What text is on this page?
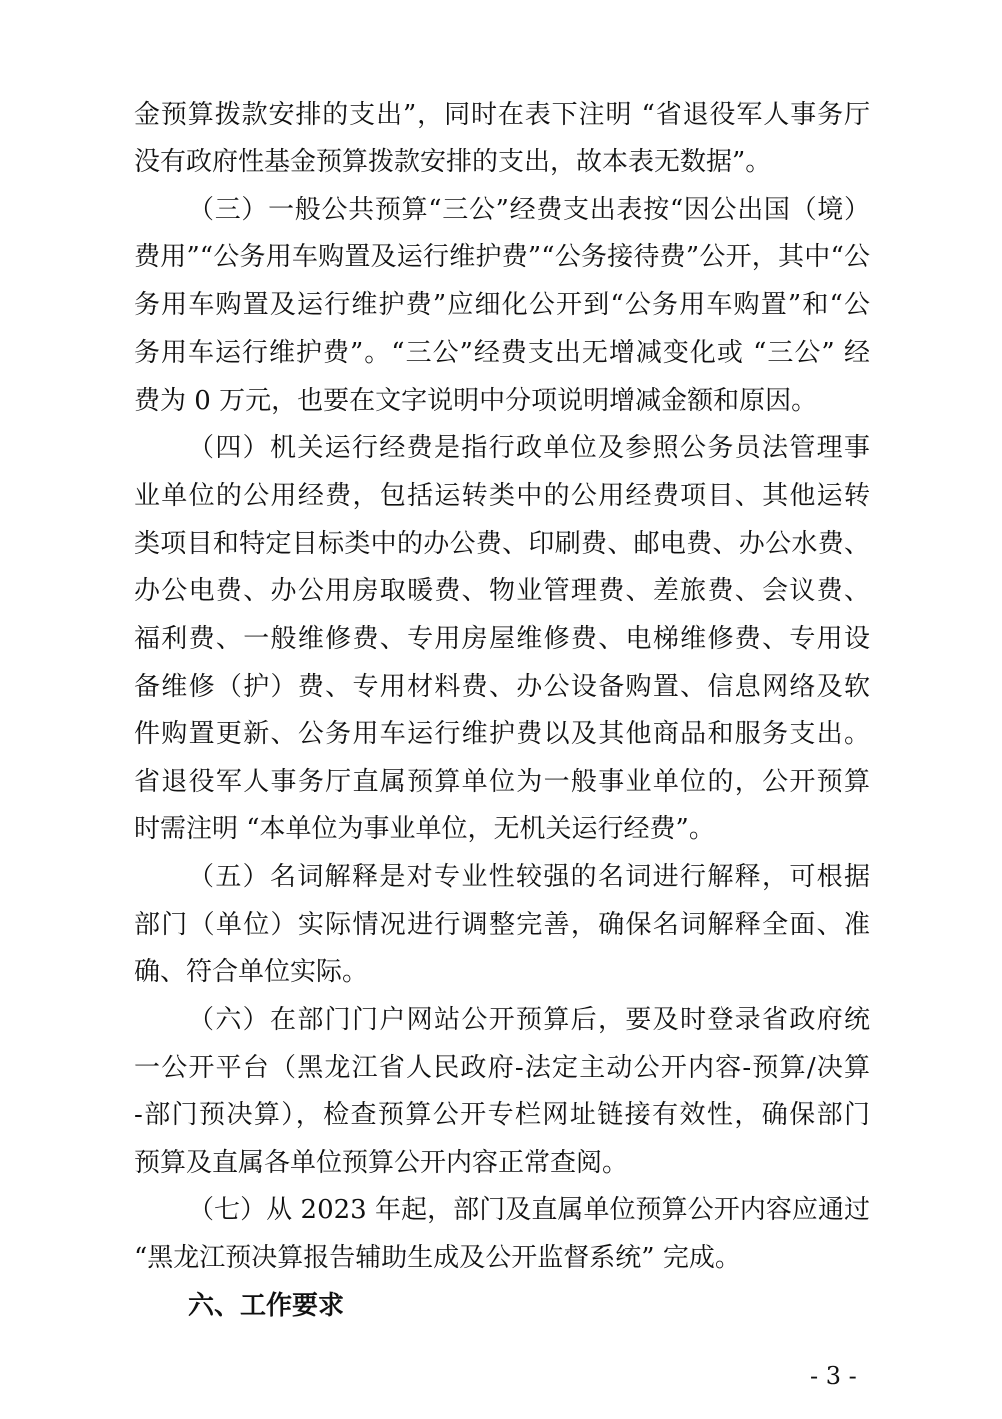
金预算拨款安排的支出”，同时在表下注明 “省退役军人事务厅
没有政府性基金预算拨款安排的支出，故本表无数据”。
（三）一般公共预算“三公”经费支出表按“因公出国（境）
费用”“公务用车购置及运行维护费”“公务接待费”公开，其中“公
务用车购置及运行维护费”应细化公开到“公务用车购置”和“公
务用车运行维护费”。“三公”经费支出无增减变化或 “三公” 经
费为 0 万元，也要在文字说明中分项说明增减金额和原因。
（四）机关运行经费是指行政单位及参照公务员法管理事
业单位的公用经费，包括运转类中的公用经费项目、其他运转
类项目和特定目标类中的办公费、印刷费、邮电费、办公水费、
办公电费、办公用房取暖费、物业管理费、差旅费、会议费、
福利费、一般维修费、专用房屋维修费、电梯维修费、专用设
备维修（护）费、专用材料费、办公设备购置、信息网络及软
件购置更新、公务用车运行维护费以及其他商品和服务支出。
省退役军人事务厅直属预算单位为一般事业单位的，公开预算
时需注明 “本单位为事业单位，无机关运行经费”。
（五）名词解释是对专业性较强的名词进行解释，可根据
部门（单位）实际情况进行调整完善，确保名词解释全面、准
确、符合单位实际。
（六）在部门门户网站公开预算后，要及时登录省政府统
一公开平台（黑龙江省人民政府-法定主动公开内容-预算/决算
-部门预决算），检查预算公开专栏网址链接有效性，确保部门
预算及直属各单位预算公开内容正常查阅。
（七）从 2023 年起，部门及直属单位预算公开内容应通过
“黑龙江预决算报告辅助生成及公开监督系统” 完成。
六、工作要求
- 3 -
